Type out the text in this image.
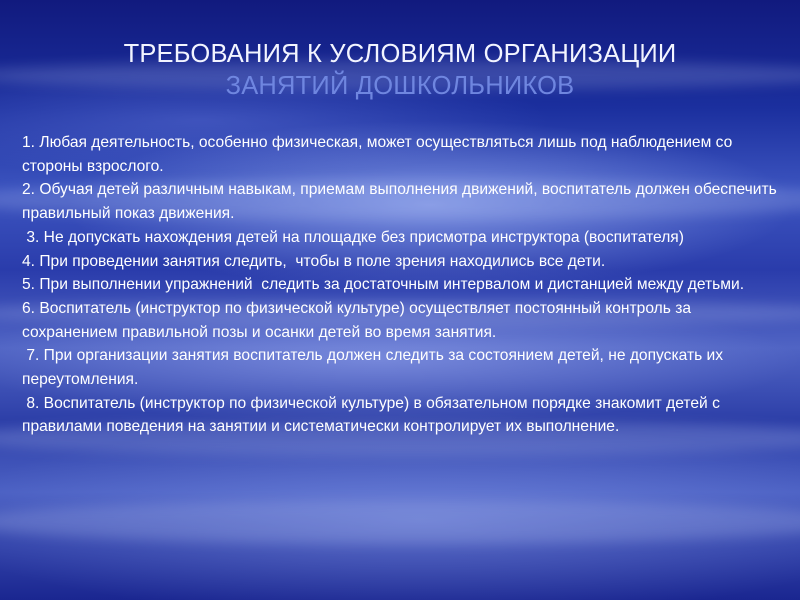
ТРЕБОВАНИЯ К УСЛОВИЯМ ОРГАНИЗАЦИИ
ЗАНЯТИЙ ДОШКОЛЬНИКОВ

1. Любая деятельность, особенно физическая, может осуществляться лишь под наблюдением со стороны взрослого.

2. Обучая детей различным навыкам, приемам выполнения движений, воспитатель должен обеспечить правильный показ движения.

3. Не допускать нахождения детей на площадке без присмотра инструктора (воспитателя)

4. При проведении занятия следить,  чтобы в поле зрения находились все дети.

5. При выполнении упражнений  следить за достаточным интервалом и дистанцией между детьми.

6. Воспитатель (инструктор по физической культуре) осуществляет постоянный контроль за сохранением правильной позы и осанки детей во время занятия.

7. При организации занятия воспитатель должен следить за состоянием детей, не допускать их переутомления.

8. Воспитатель (инструктор по физической культуре) в обязательном порядке знакомит детей с правилами поведения на занятии и систематически контролирует их выполнение.
